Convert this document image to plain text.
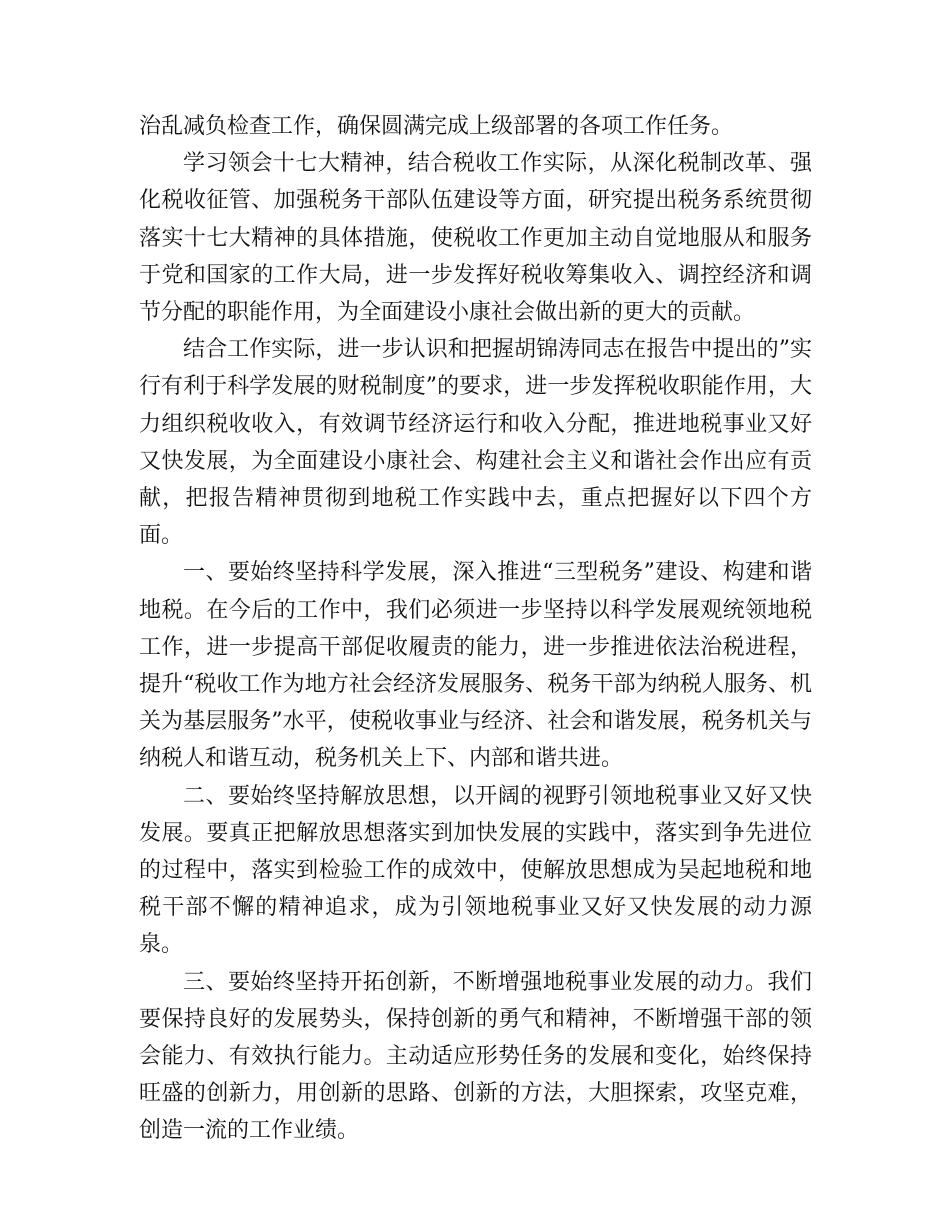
治乱减负检查工作，确保圆满完成上级部署的各项工作任务。

学习领会十七大精神，结合税收工作实际，从深化税制改革、强化税收征管、加强税务干部队伍建设等方面，研究提出税务系统贯彻落实十七大精神的具体措施，使税收工作更加主动自觉地服从和服务于党和国家的工作大局，进一步发挥好税收筹集收入、调控经济和调节分配的职能作用，为全面建设小康社会做出新的更大的贡献。

结合工作实际，进一步认识和把握胡锦涛同志在报告中提出的”实行有利于科学发展的财税制度”的要求，进一步发挥税收职能作用，大力组织税收收入，有效调节经济运行和收入分配，推进地税事业又好又快发展，为全面建设小康社会、构建社会主义和谐社会作出应有贡献，把报告精神贯彻到地税工作实践中去，重点把握好以下四个方面。

一、要始终坚持科学发展，深入推进“三型税务”建设、构建和谐地税。在今后的工作中，我们必须进一步坚持以科学发展观统领地税工作，进一步提高干部促收履责的能力，进一步推进依法治税进程，提升“税收工作为地方社会经济发展服务、税务干部为纳税人服务、机关为基层服务”水平，使税收事业与经济、社会和谐发展，税务机关与纳税人和谐互动，税务机关上下、内部和谐共进。

二、要始终坚持解放思想，以开阔的视野引领地税事业又好又快发展。要真正把解放思想落实到加快发展的实践中，落实到争先进位的过程中，落实到检验工作的成效中，使解放思想成为吴起地税和地税干部不懈的精神追求，成为引领地税事业又好又快发展的动力源泉。

三、要始终坚持开拓创新，不断增强地税事业发展的动力。我们要保持良好的发展势头，保持创新的勇气和精神，不断增强干部的领会能力、有效执行能力。主动适应形势任务的发展和变化，始终保持旺盛的创新力，用创新的思路、创新的方法，大胆探索，攻坚克难，创造一流的工作业绩。
